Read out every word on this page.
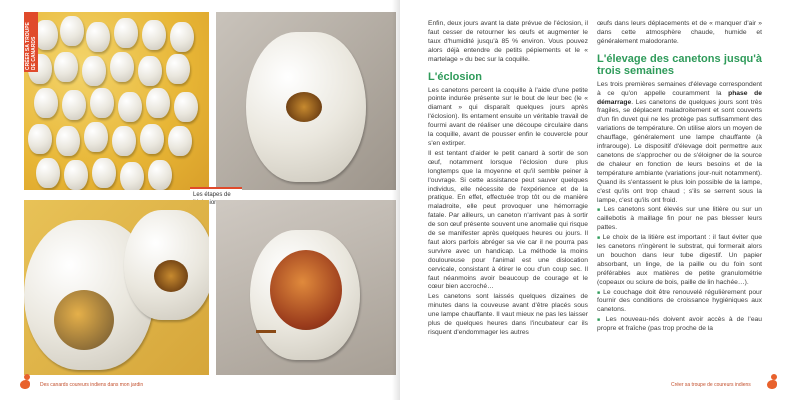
CRÉER SA TROUPE DE CANARDS
Les étapes de
Des canards coureurs indiens dans mon jardin

Enfin, deux jours avant la date prévue de l'éclosion, il faut cesser de retourner les œufs et augmenter le taux d'humidité jusqu'à 85 % environ. Vous pouvez alors déjà entendre de petits pépiements et le « martelage » du bec sur la coquille.

L'éclosion

Les canetons percent la coquille à l'aide d'une petite pointe indurée présente sur le bout de leur bec (le « diamant » qui disparaît quelques jours après l'éclosion). Ils entament ensuite un véritable travail de fourmi avant de réaliser une découpe circulaire dans la coquille, avant de pousser enfin le couvercle pour s'en extirper.

Il est tentant d'aider le petit canard à sortir de son œuf, notamment lorsque l'éclosion dure plus longtemps que la moyenne et qu'il semble peiner à l'ouvrage. Si cette assistance peut sauver quelques individus, elle nécessite de l'expérience et de la pratique. En effet, effectuée trop tôt ou de manière maladroite, elle peut provoquer une hémorragie fatale. Par ailleurs, un caneton n'arrivant pas à sortir de son œuf présente souvent une anomalie qui risque de se manifester après quelques heures ou jours. Il faut alors parfois abréger sa vie car il ne pourra pas survivre avec un handicap. La méthode la moins douloureuse pour l'animal est une dislocation cervicale, consistant à étirer le cou d'un coup sec. Il faut néanmoins avoir beaucoup de courage et le cœur bien accroché…

Les canetons sont laissés quelques dizaines de minutes dans la couveuse avant d'être placés sous une lampe chauffante. Il vaut mieux ne pas les laisser plus de quelques heures dans l'incubateur car ils risquent d'endommager les autres

œufs dans leurs déplacements et de « manquer d'air » dans cette atmosphère chaude, humide et généralement malodorante.

L'élevage des canetons jusqu'à trois semaines

Les trois premières semaines d'élevage correspondent à ce qu'on appelle couramment la phase de démarrage. Les canetons de quelques jours sont très fragiles, se déplacent maladroitement et sont couverts d'un fin duvet qui ne les protège pas suffisamment des variations de température. On utilise alors un moyen de chauffage, généralement une lampe chauffante (à infrarouge). Le dispositif d'élevage doit permettre aux canetons de s'approcher ou de s'éloigner de la source de chaleur en fonction de leurs besoins et de la température ambiante (variations jour-nuit notamment). Quand ils s'entassent le plus loin possible de la lampe, c'est qu'ils ont trop chaud ; s'ils se serrent sous la lampe, c'est qu'ils ont froid.

■ Les canetons sont élevés sur une litière ou sur un caillebotis à maillage fin pour ne pas blesser leurs pattes.

■ Le choix de la litière est important : il faut éviter que les canetons n'ingèrent le substrat, qui formerait alors un bouchon dans leur tube digestif. Un papier absorbant, un linge, de la paille ou du foin sont préférables aux matières de petite granulométrie (copeaux ou sciure de bois, paille de lin hachée…).

■ Le couchage doit être renouvelé régulièrement pour fournir des conditions de croissance hygiéniques aux canetons.

■ Les nouveau-nés doivent avoir accès à de l'eau propre et fraîche (pas trop proche de la

Créer sa troupe de coureurs indiens
